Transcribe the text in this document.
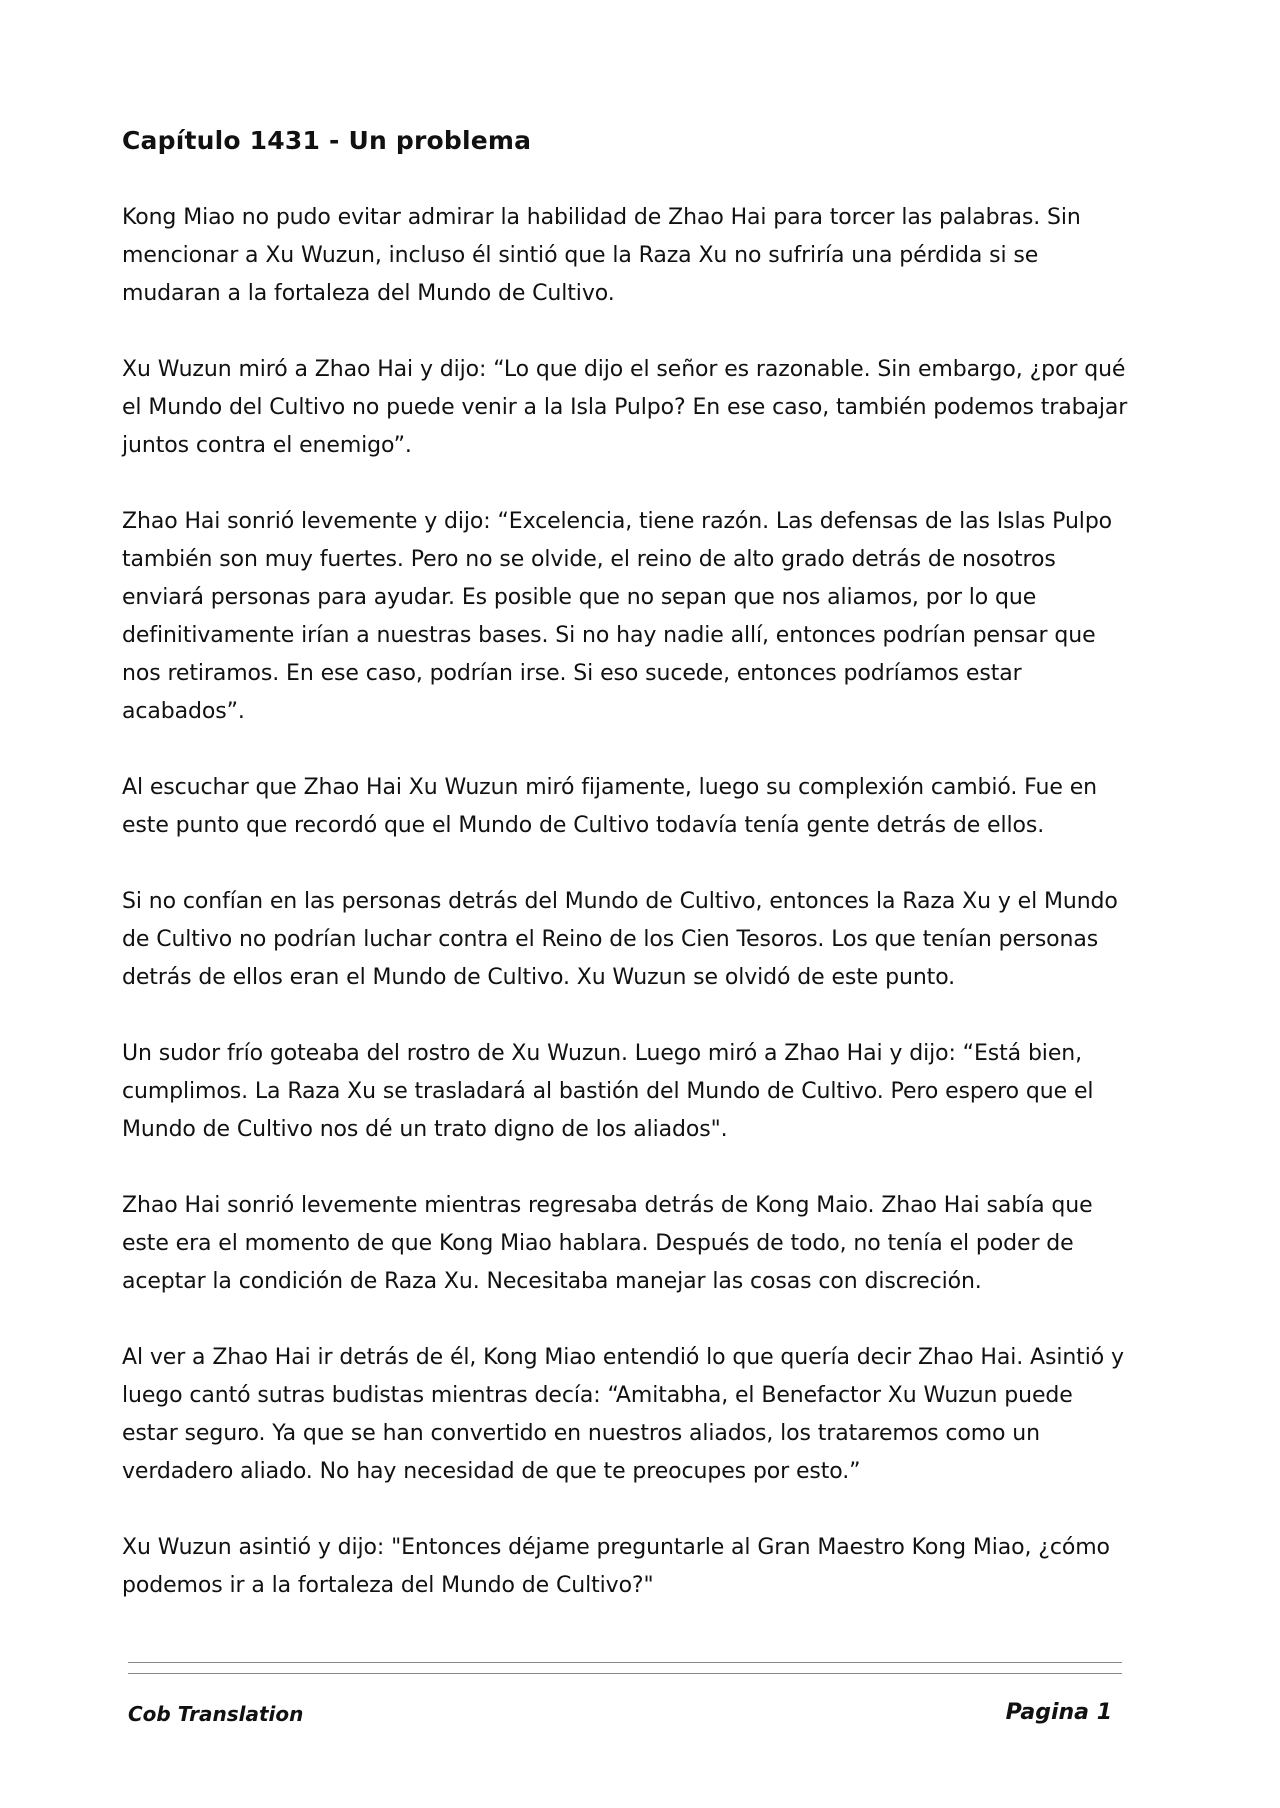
Capítulo 1431 - Un problema

Kong Miao no pudo evitar admirar la habilidad de Zhao Hai para torcer las palabras. Sin mencionar a Xu Wuzun, incluso él sintió que la Raza Xu no sufriría una pérdida si se mudaran a la fortaleza del Mundo de Cultivo.

Xu Wuzun miró a Zhao Hai y dijo: “Lo que dijo el señor es razonable. Sin embargo, ¿por qué el Mundo del Cultivo no puede venir a la Isla Pulpo? En ese caso, también podemos trabajar juntos contra el enemigo”.

Zhao Hai sonrió levemente y dijo: “Excelencia, tiene razón. Las defensas de las Islas Pulpo también son muy fuertes. Pero no se olvide, el reino de alto grado detrás de nosotros enviará personas para ayudar. Es posible que no sepan que nos aliamos, por lo que definitivamente irían a nuestras bases. Si no hay nadie allí, entonces podrían pensar que nos retiramos. En ese caso, podrían irse. Si eso sucede, entonces podríamos estar acabados”.

Al escuchar que Zhao Hai Xu Wuzun miró fijamente, luego su complexión cambió. Fue en este punto que recordó que el Mundo de Cultivo todavía tenía gente detrás de ellos.

Si no confían en las personas detrás del Mundo de Cultivo, entonces la Raza Xu y el Mundo de Cultivo no podrían luchar contra el Reino de los Cien Tesoros. Los que tenían personas detrás de ellos eran el Mundo de Cultivo. Xu Wuzun se olvidó de este punto.

Un sudor frío goteaba del rostro de Xu Wuzun. Luego miró a Zhao Hai y dijo: “Está bien, cumplimos. La Raza Xu se trasladará al bastión del Mundo de Cultivo. Pero espero que el Mundo de Cultivo nos dé un trato digno de los aliados".

Zhao Hai sonrió levemente mientras regresaba detrás de Kong Maio. Zhao Hai sabía que este era el momento de que Kong Miao hablara. Después de todo, no tenía el poder de aceptar la condición de Raza Xu. Necesitaba manejar las cosas con discreción.

Al ver a Zhao Hai ir detrás de él, Kong Miao entendió lo que quería decir Zhao Hai. Asintió y luego cantó sutras budistas mientras decía: “Amitabha, el Benefactor Xu Wuzun puede estar seguro. Ya que se han convertido en nuestros aliados, los trataremos como un verdadero aliado. No hay necesidad de que te preocupes por esto.”

Xu Wuzun asintió y dijo: "Entonces déjame preguntarle al Gran Maestro Kong Miao, ¿cómo podemos ir a la fortaleza del Mundo de Cultivo?"

Cob Translation	Pagina 1
